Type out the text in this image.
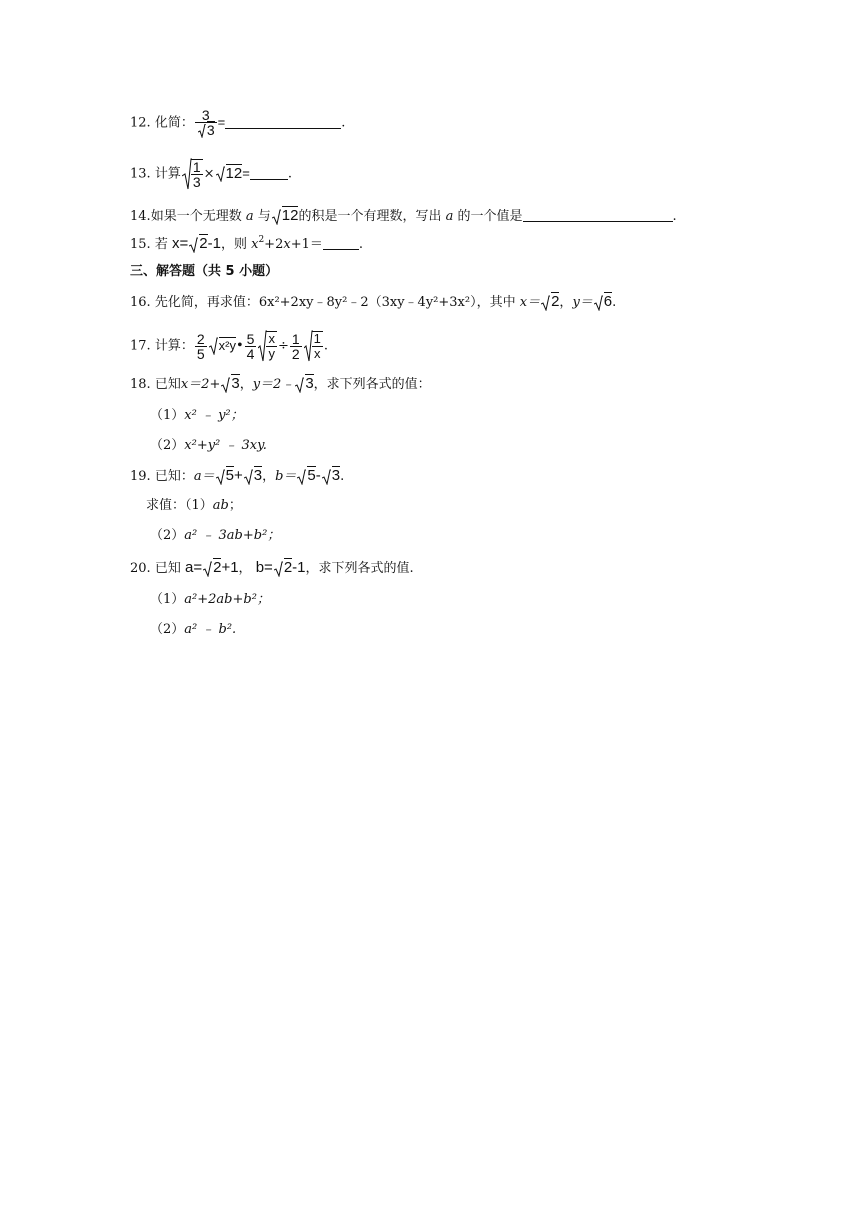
12. 化简： $\frac{3}{3}$ =	.
13. 计算 $\frac{1}{3} \times 12=$	.
14.如果一个无理数 a 与 12的积是一个有理数，写出 a 的一个值是	.
15. 若 x= 2-1，则 $x^2+2x+1=$	.
三、解答题（共 5 小题）
16. 先化简，再求值：6x²+2xy﹣8y²﹣2（3xy﹣4y²+3x²），其中 x＝ 2，y＝ 6.
17. 计算： $\frac{2}{5}$ x²y• $\frac{5}{4} \frac{x}{y} \div \frac{1}{2} \frac{1}{x}$ .
18. 已知x＝2+ 3，y＝2﹣ 3，求下列各式的值：
（1）x² ﹣ y²；
（2）x²+y² ﹣ 3xy.
19. 已知：a＝ 5+ 3，b＝ 5- 3.
求值：（1）ab；
（2）a² ﹣ 3ab+b²；
20. 已知 a= 2+1， b= 2-1，求下列各式的值.
（1）a²+2ab+b²；
（2）a² ﹣ b².
